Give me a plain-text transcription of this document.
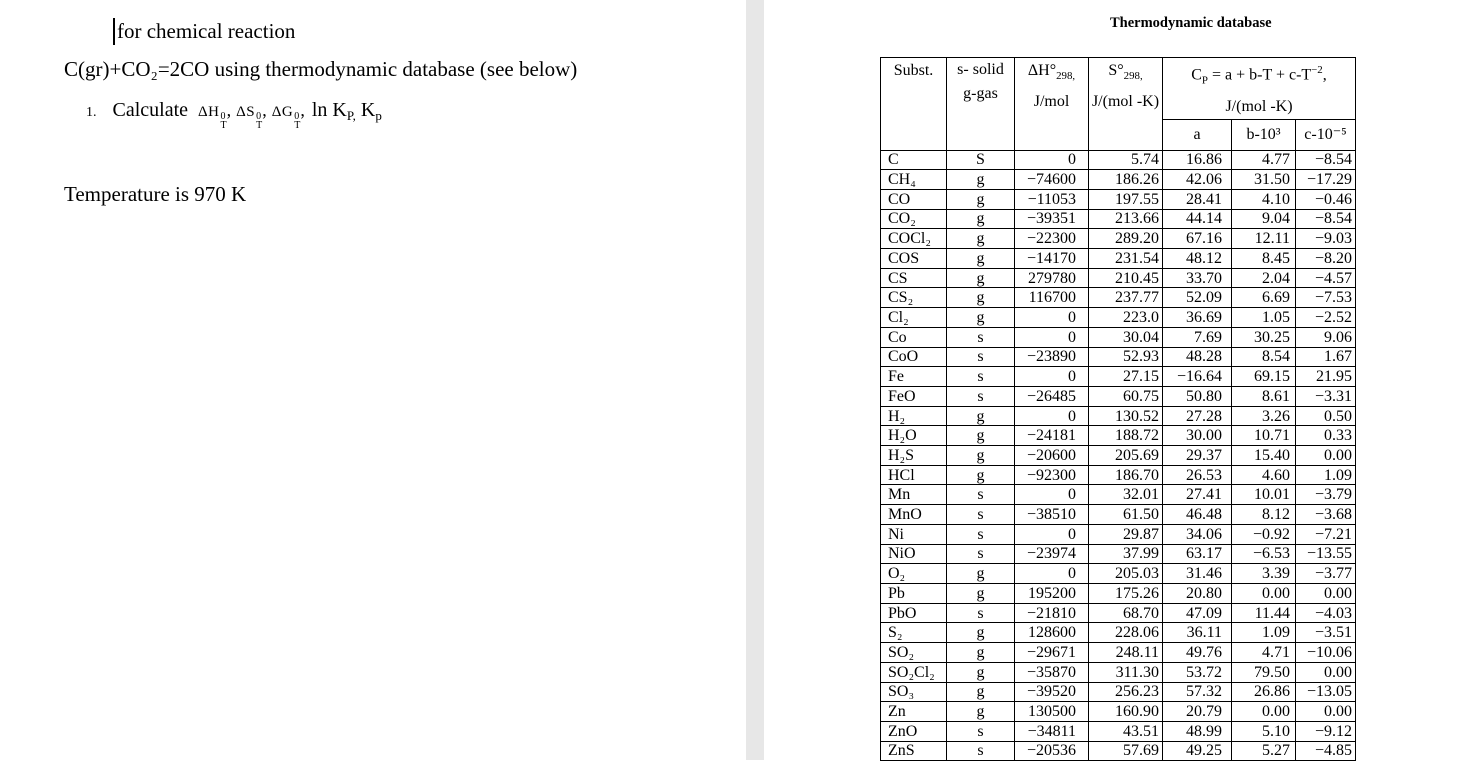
for chemical reaction
C(gr)+CO₂=2CO using thermodynamic database (see below)
1. Calculate ΔH 0
T
, ΔS 0
T
, ΔG 0
T
, $\ln K_{P,}$ $K_p$
Temperature is 970 K
Thermodynamic database
Subst.	s- solid
g-gas

$\Delta H^\circ_{298,}$
J/mol

$S^\circ_{298,}$
J/(mol -K)

$C_P = a + b-T + c-T^{-2}$,
J/(mol -K)

				a	b-10³	c-10⁻⁵
C	S	0	5.74	16.86	4.77	−8.54
CH₄	g	−74600	186.26	42.06	31.50	−17.29
CO	g	−11053	197.55	28.41	4.10	−0.46
CO₂	g	−39351	213.66	44.14	9.04	−8.54
COCl₂	g	−22300	289.20	67.16	12.11	−9.03
COS	g	−14170	231.54	48.12	8.45	−8.20
CS	g	279780	210.45	33.70	2.04	−4.57
CS₂	g	116700	237.77	52.09	6.69	−7.53
Cl₂	g	0	223.0	36.69	1.05	−2.52
Co	s	0	30.04	7.69	30.25	9.06
CoO	s	−23890	52.93	48.28	8.54	1.67
Fe	s	0	27.15	−16.64	69.15	21.95
FeO	s	−26485	60.75	50.80	8.61	−3.31
H₂	g	0	130.52	27.28	3.26	0.50
H₂O	g	−24181	188.72	30.00	10.71	0.33
H₂S	g	−20600	205.69	29.37	15.40	0.00
HCl	g	−92300	186.70	26.53	4.60	1.09
Mn	s	0	32.01	27.41	10.01	−3.79
MnO	s	−38510	61.50	46.48	8.12	−3.68
Ni	s	0	29.87	34.06	−0.92	−7.21
NiO	s	−23974	37.99	63.17	−6.53	−13.55
O₂	g	0	205.03	31.46	3.39	−3.77
Pb	g	195200	175.26	20.80	0.00	0.00
PbO	s	−21810	68.70	47.09	11.44	−4.03
S₂	g	128600	228.06	36.11	1.09	−3.51
SO₂	g	−29671	248.11	49.76	4.71	−10.06
SO₂Cl₂	g	−35870	311.30	53.72	79.50	0.00
SO₃	g	−39520	256.23	57.32	26.86	−13.05
Zn	g	130500	160.90	20.79	0.00	0.00
ZnO	s	−34811	43.51	48.99	5.10	−9.12
ZnS	s	−20536	57.69	49.25	5.27	−4.85
